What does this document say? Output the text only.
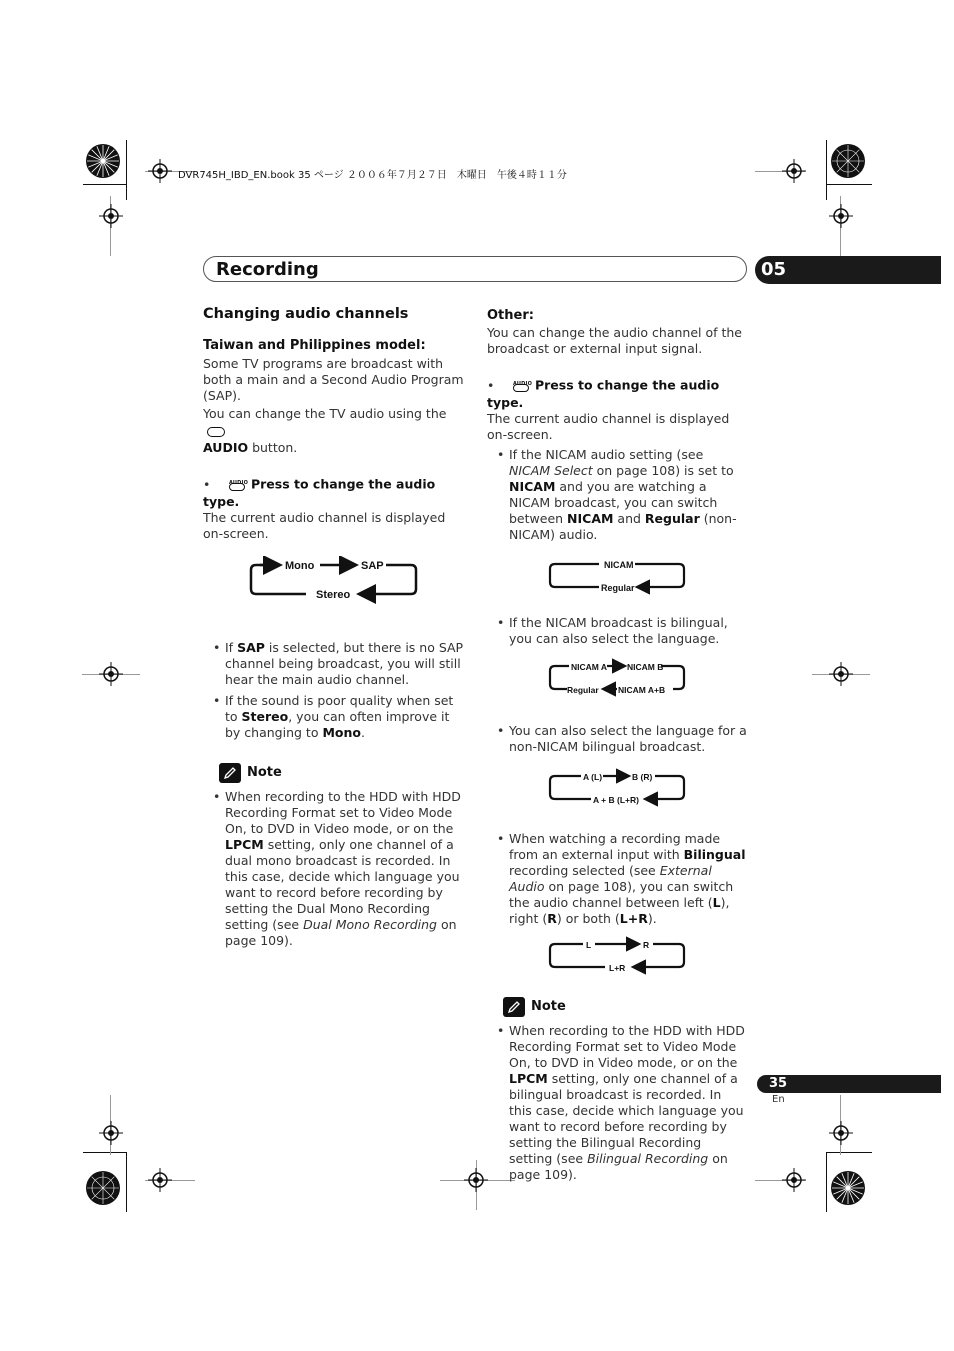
DVR745H_IBD_EN.book 35 ページ ２００６年７月２７日　木曜日　午後４時１１分
Recording	05

Changing audio channels

Taiwan and Philippines model:

Some TV programs are broadcast with both a main and a Second Audio Program (SAP).

You can change the TV audio using the

AUDIO button.

•	AUDIO Press to change the audio type.

The current audio channel is displayed on-screen.

Mono	SAP
Stereo
• If SAP is selected, but there is no SAP channel being broadcast, you will still hear the main audio channel.
• If the sound is poor quality when set to Stereo, you can often improve it by changing to Mono.
Note
• When recording to the HDD with HDD Recording Format set to Video Mode On, to DVD in Video mode, or on the LPCM setting, only one channel of a dual mono broadcast is recorded. In this case, decide which language you want to record before recording by setting the Dual Mono Recording setting (see Dual Mono Recording on page 109).

Other:

You can change the audio channel of the broadcast or external input signal.

•	AUDIO Press to change the audio type.

The current audio channel is displayed on-screen.

• If the NICAM audio setting (see NICAM Select on page 108) is set to NICAM and you are watching a NICAM broadcast, you can switch between NICAM and Regular (non-NICAM) audio.
NICAM
Regular
• If the NICAM broadcast is bilingual, you can also select the language.
NICAM A NICAM B
NICAM A+B
Regular
• You can also select the language for a non-NICAM bilingual broadcast.
A (L)	B (R)
A + B (L+R)
• When watching a recording made from an external input with Bilingual recording selected (see External Audio on page 108), you can switch the audio channel between left (L), right (R) or both (L+R).
L	R
L+R
Note
• When recording to the HDD with HDD Recording Format set to Video Mode On, to DVD in Video mode, or on the LPCM setting, only one channel of a bilingual broadcast is recorded. In this case, decide which language you want to record before recording by setting the Bilingual Recording setting (see Bilingual Recording on page 109).
35
En
